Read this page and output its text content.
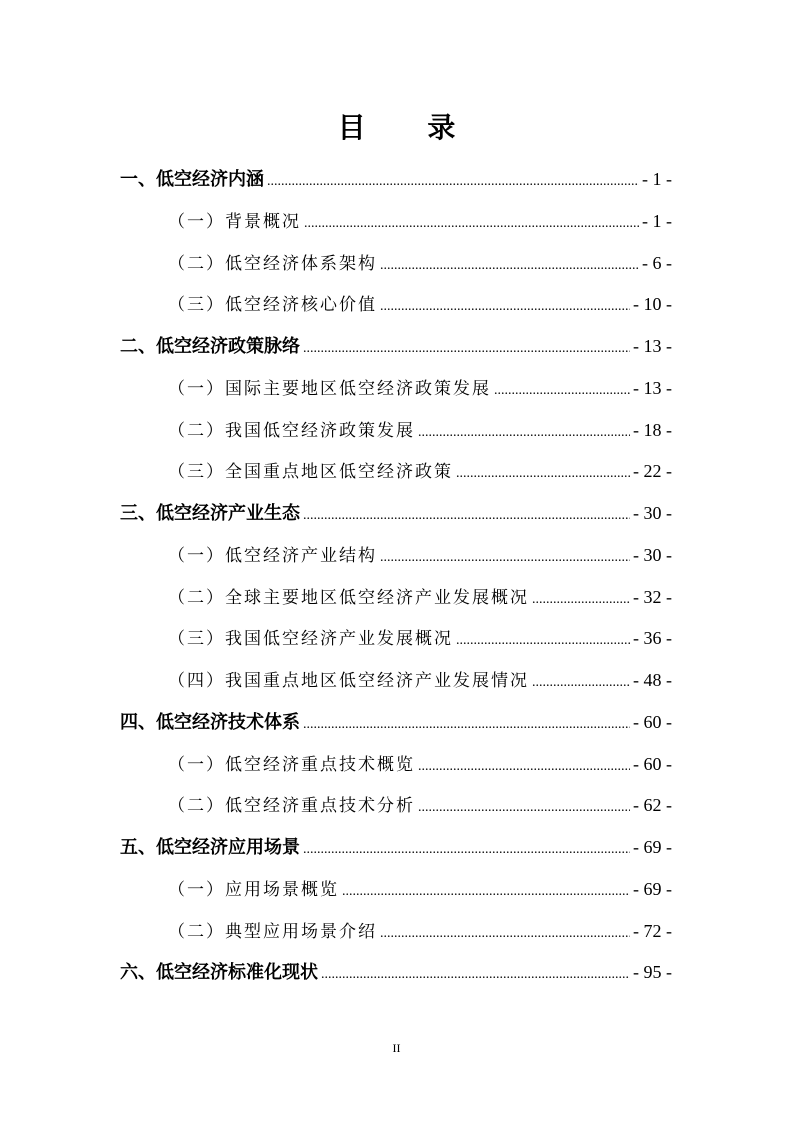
目 录
一、低空经济内涵 .....	- 1 -
（一）背景概况 .....	- 1 -
（二）低空经济体系架构 .....	- 6 -
（三）低空经济核心价值 .....	- 10 -
二、低空经济政策脉络 .....	- 13 -
（一）国际主要地区低空经济政策发展 .....	- 13 -
（二）我国低空经济政策发展 .....	- 18 -
（三）全国重点地区低空经济政策 .....	- 22 -
三、低空经济产业生态 .....	- 30 -
（一）低空经济产业结构 .....	- 30 -
（二）全球主要地区低空经济产业发展概况 .....	- 32 -
（三）我国低空经济产业发展概况 .....	- 36 -
（四）我国重点地区低空经济产业发展情况 .....	- 48 -
四、低空经济技术体系 .....	- 60 -
（一）低空经济重点技术概览 .....	- 60 -
（二）低空经济重点技术分析 .....	- 62 -
五、低空经济应用场景 .....	- 69 -
（一）应用场景概览 .....	- 69 -
（二）典型应用场景介绍 .....	- 72 -
六、低空经济标准化现状 .....	- 95 -
II
